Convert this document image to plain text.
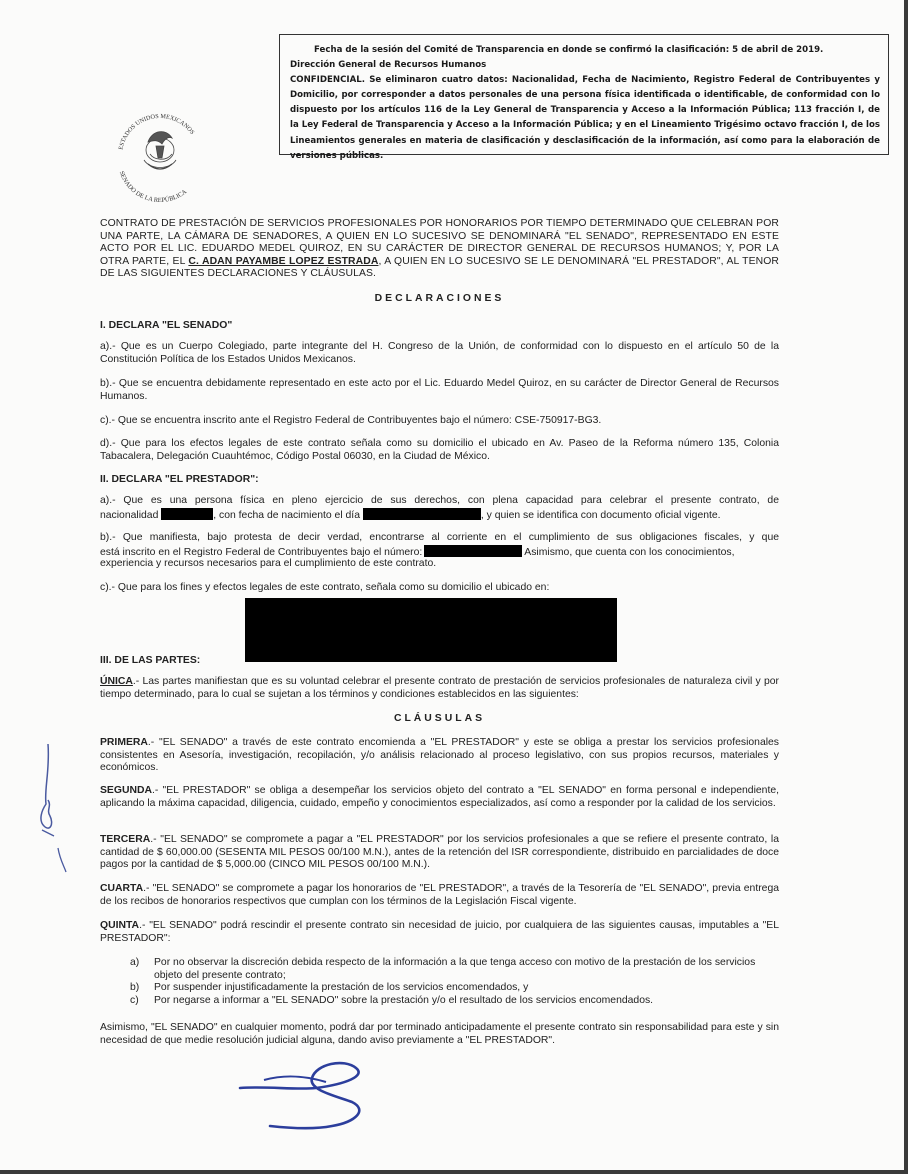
Fecha de la sesión del Comité de Transparencia en donde se confirmó la clasificación: 5 de abril de 2019.
Dirección General de Recursos Humanos
CONFIDENCIAL. Se eliminaron cuatro datos: Nacionalidad, Fecha de Nacimiento, Registro Federal de Contribuyentes y Domicilio, por corresponder a datos personales de una persona física identificada o identificable, de conformidad con lo dispuesto por los artículos 116 de la Ley General de Transparencia y Acceso a la Información Pública; 113 fracción I, de la Ley Federal de Transparencia y Acceso a la Información Pública; y en el Lineamiento Trigésimo octavo fracción I, de los Lineamientos generales en materia de clasificación y desclasificación de la información, así como para la elaboración de versiones públicas.
ESTADOS UNIDOS MEXICANOS
SENADO DE LA REPÚBLICA
CONTRATO DE PRESTACIÓN DE SERVICIOS PROFESIONALES POR HONORARIOS POR TIEMPO DETERMINADO QUE CELEBRAN POR UNA PARTE, LA CÁMARA DE SENADORES, A QUIEN EN LO SUCESIVO SE DENOMINARÁ "EL SENADO", REPRESENTADO EN ESTE ACTO POR EL LIC. EDUARDO MEDEL QUIROZ, EN SU CARÁCTER DE DIRECTOR GENERAL DE RECURSOS HUMANOS; Y, POR LA OTRA PARTE, EL C. ADAN PAYAMBE LOPEZ ESTRADA, A QUIEN EN LO SUCESIVO SE LE DENOMINARÁ "EL PRESTADOR", AL TENOR DE LAS SIGUIENTES DECLARACIONES Y CLÁUSULAS.
DECLARACIONES
I. DECLARA "EL SENADO"
a).- Que es un Cuerpo Colegiado, parte integrante del H. Congreso de la Unión, de conformidad con lo dispuesto en el artículo 50 de la Constitución Política de los Estados Unidos Mexicanos.
b).- Que se encuentra debidamente representado en este acto por el Lic. Eduardo Medel Quiroz, en su carácter de Director General de Recursos Humanos.
c).- Que se encuentra inscrito ante el Registro Federal de Contribuyentes bajo el número: CSE-750917-BG3.
d).- Que para los efectos legales de este contrato señala como su domicilio el ubicado en Av. Paseo de la Reforma número 135, Colonia Tabacalera, Delegación Cuauhtémoc, Código Postal 06030, en la Ciudad de México.
II. DECLARA "EL PRESTADOR":
a).- Que es una persona física en pleno ejercicio de sus derechos, con plena capacidad para celebrar el presente contrato, de
nacionalidad	, con fecha de nacimiento el día	, y quien se identifica con documento oficial vigente.
b).- Que manifiesta, bajo protesta de decir verdad, encontrarse al corriente en el cumplimiento de sus obligaciones fiscales, y que
está inscrito en el Registro Federal de Contribuyentes bajo el número:	Asimismo, que cuenta con los conocimientos,
experiencia y recursos necesarios para el cumplimiento de este contrato.
c).- Que para los fines y efectos legales de este contrato, señala como su domicilio el ubicado en:
III. DE LAS PARTES:
ÚNICA.- Las partes manifiestan que es su voluntad celebrar el presente contrato de prestación de servicios profesionales de naturaleza civil y por tiempo determinado, para lo cual se sujetan a los términos y condiciones establecidos en las siguientes:
CLÁUSULAS
PRIMERA.- "EL SENADO" a través de este contrato encomienda a "EL PRESTADOR" y este se obliga a prestar los servicios profesionales consistentes en Asesoría, investigación, recopilación, y/o análisis relacionado al proceso legislativo, con sus propios recursos, materiales y económicos.
SEGUNDA.- "EL PRESTADOR" se obliga a desempeñar los servicios objeto del contrato a "EL SENADO" en forma personal e independiente, aplicando la máxima capacidad, diligencia, cuidado, empeño y conocimientos especializados, así como a responder por la calidad de los servicios.
TERCERA.- "EL SENADO" se compromete a pagar a "EL PRESTADOR" por los servicios profesionales a que se refiere el presente contrato, la cantidad de $ 60,000.00 (SESENTA MIL PESOS 00/100 M.N.), antes de la retención del ISR correspondiente, distribuido en parcialidades de doce pagos por la cantidad de $ 5,000.00 (CINCO MIL PESOS 00/100 M.N.).
CUARTA.- "EL SENADO" se compromete a pagar los honorarios de "EL PRESTADOR", a través de la Tesorería de "EL SENADO", previa entrega de los recibos de honorarios respectivos que cumplan con los términos de la Legislación Fiscal vigente.
QUINTA.- "EL SENADO" podrá rescindir el presente contrato sin necesidad de juicio, por cualquiera de las siguientes causas, imputables a "EL PRESTADOR":
a)	Por no observar la discreción debida respecto de la información a la que tenga acceso con motivo de la prestación de los servicios objeto del presente contrato;
b)	Por suspender injustificadamente la prestación de los servicios encomendados, y
c)	Por negarse a informar a "EL SENADO" sobre la prestación y/o el resultado de los servicios encomendados.
Asimismo, "EL SENADO" en cualquier momento, podrá dar por terminado anticipadamente el presente contrato sin responsabilidad para este y sin necesidad de que medie resolución judicial alguna, dando aviso previamente a "EL PRESTADOR".
